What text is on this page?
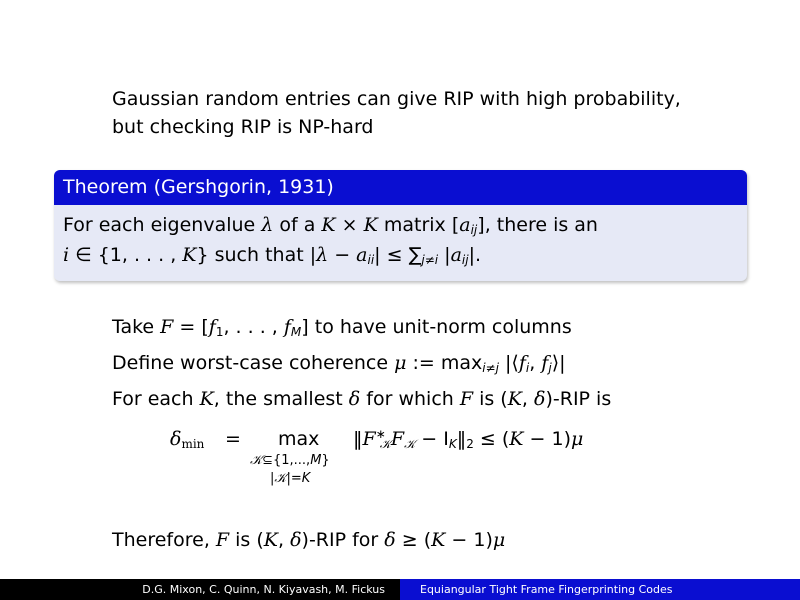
Gaussian random entries can give RIP with high probability,
but checking RIP is NP-hard
Theorem (Gershgorin, 1931)
For each eigenvalue λ of a K × K matrix $[a_{ij}]$, there is an
i ∈ {1, . . . , K} such that $|\lambda - a_{ii}| \le \sum_{j\ne i}$ $|a_{ij}|$.
Take $F = [f_1$, . . . , $f_M$] to have unit-norm columns
Define worst-case coherence μ := $\max_{i\ne j}$ $|⟨f_i$, $f_j⟩|$
For each K, the smallest δ for which F is (K, δ)-RIP is
$\delta_{min} = \max$
𝒦⊆{1,...,M}
|𝒦|=K
$‖F^∗_𝒦F_𝒦$ − $I_K‖_2 \le (K - 1)\mu$
Therefore, F is (K, δ)-RIP for δ ≥ (K − 1)μ
D.G. Mixon, C. Quinn, N. Kiyavash, M. Fickus	Equiangular Tight Frame Fingerprinting Codes
